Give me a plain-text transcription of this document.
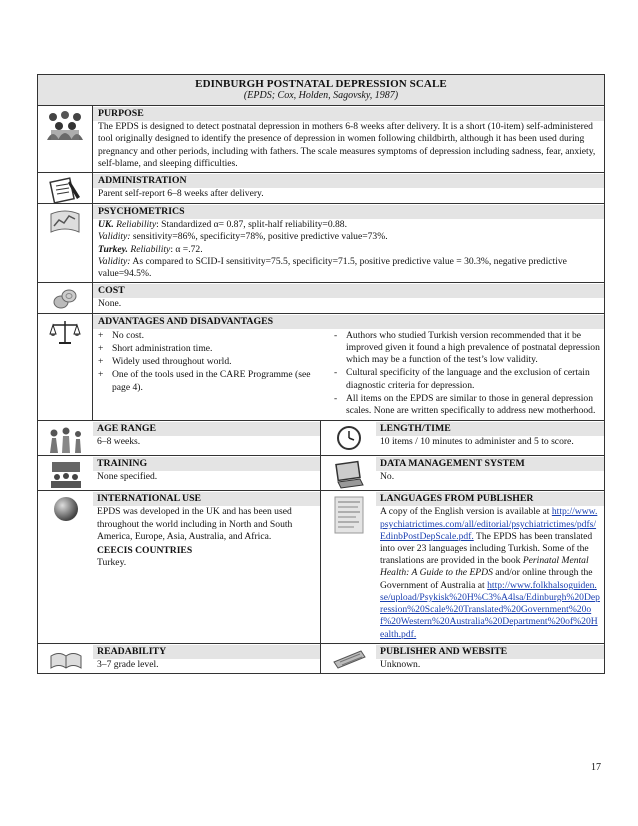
EDINBURGH POSTNATAL DEPRESSION SCALE
(EPDS; Cox, Holden, Sagovsky, 1987)
PURPOSE
The EPDS is designed to detect postnatal depression in mothers 6-8 weeks after delivery. It is a short (10-item) self-administered tool originally designed to identify the presence of depression in women following childbirth, although it has been used during pregnancy and other periods, including with fathers. The scale measures symptoms of depression including sadness, fear, anxiety, self-blame, and sleeping difficulties.
ADMINISTRATION
Parent self-report 6–8 weeks after delivery.
PSYCHOMETRICS
UK. Reliability: Standardized α= 0.87, split-half reliability=0.88.
Validity: sensitivity=86%, specificity=78%, positive predictive value=73%.
Turkey. Reliability: α =.72.
Validity: As compared to SCID-I sensitivity=75.5, specificity=71.5, positive predictive value = 30.3%, negative predictive value=94.5%.
COST
None.
ADVANTAGES AND DISADVANTAGES
+ No cost.
+ Short administration time.
+ Widely used throughout world.
+ One of the tools used in the CARE Programme (see page 4).
- Authors who studied Turkish version recommended that it be improved given it found a high prevalence of postnatal depression which may be a function of the test’s low validity.
- Cultural specificity of the language and the exclusion of certain diagnostic criteria for depression.
- All items on the EPDS are similar to those in general depression scales. None are written specifically to address new motherhood.
AGE RANGE
6–8 weeks.
LENGTH/TIME
10 items / 10 minutes to administer and 5 to score.
TRAINING
None specified.
DATA MANAGEMENT SYSTEM
No.
INTERNATIONAL USE
EPDS was developed in the UK and has been used throughout the world including in North and South America, Europe, Asia, Australia, and Africa.
CEECIS COUNTRIES
Turkey.
LANGUAGES FROM PUBLISHER
A copy of the English version is available at http://www.psychiatrictimes.com/all/editorial/psychiatrictimes/pdfs/EdinbPostDepScale.pdf. The EPDS has been translated into over 23 languages including Turkish. Some of the translations are provided in the book Perinatal Mental Health: A Guide to the EPDS and/or online through the Government of Australia at http://www.folkhalsoguiden.se/upload/Psykisk%20H%C3%A4lsa/Edinburgh%20Depression%20Scale%20Translated%20Government%20of%20Western%20Australia%20Department%20of%20Health.pdf.
READABILITY
3–7 grade level.
PUBLISHER AND WEBSITE
Unknown.
17
